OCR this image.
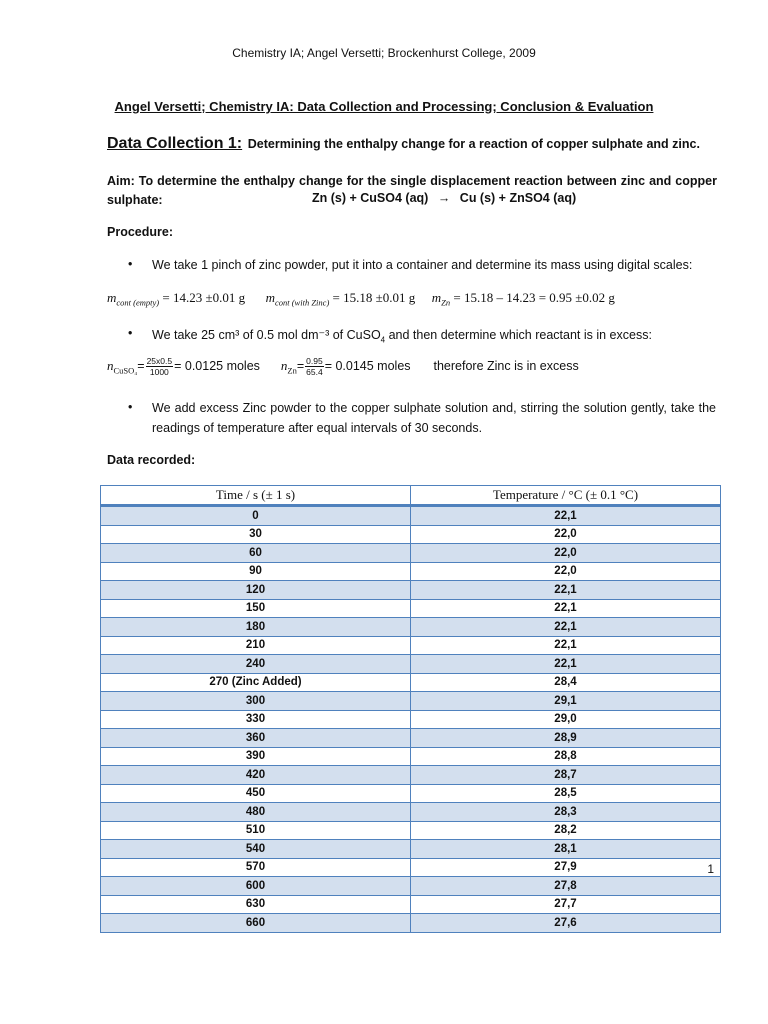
Chemistry IA; Angel Versetti; Brockenhurst College, 2009
Angel Versetti; Chemistry IA: Data Collection and Processing; Conclusion & Evaluation
Data Collection 1: Determining the enthalpy change for a reaction of copper sulphate and zinc.
Aim: To determine the enthalpy change for the single displacement reaction between zinc and copper sulphate:	Zn (s) + CuSO4 (aq) → Cu (s) + ZnSO4 (aq)
Procedure:
• We take 1 pinch of zinc powder, put it into a container and determine its mass using digital scales:
$m_{cont (empty)} = 14.23 \pm 0.01$ g $m_{cont (with Zinc)} = 15.18 \pm 0.01$ g $m_{Zn} = 15.18 - 14.23 = 0.95 \pm 0.02$ g
• We take 25 cm³ of 0.5 mol dm⁻³ of CuSO$_4$ and then determine which reactant is in excess:
$n_{CuSO_4}= \frac{25x0.5}{1000} = 0.0125$ moles $n_{Zn}= \frac{0.95}{65.4} = 0.0145$ moles therefore Zinc is in excess
• We add excess Zinc powder to the copper sulphate solution and, stirring the solution gently, take the readings of temperature after equal intervals of 30 seconds.
Data recorded:
Time / s (± 1 s)	Temperature / °C (± 0.1 °C)
0	22,1
30	22,0
60	22,0
90	22,0
120	22,1
150	22,1
180	22,1
210	22,1
240	22,1
270 (Zinc Added)	28,4
300	29,1
330	29,0
360	28,9
390	28,8
420	28,7
450	28,5
480	28,3
510	28,2
540	28,1
570	27,9
600	27,8
630	27,7
660	27,6
1
